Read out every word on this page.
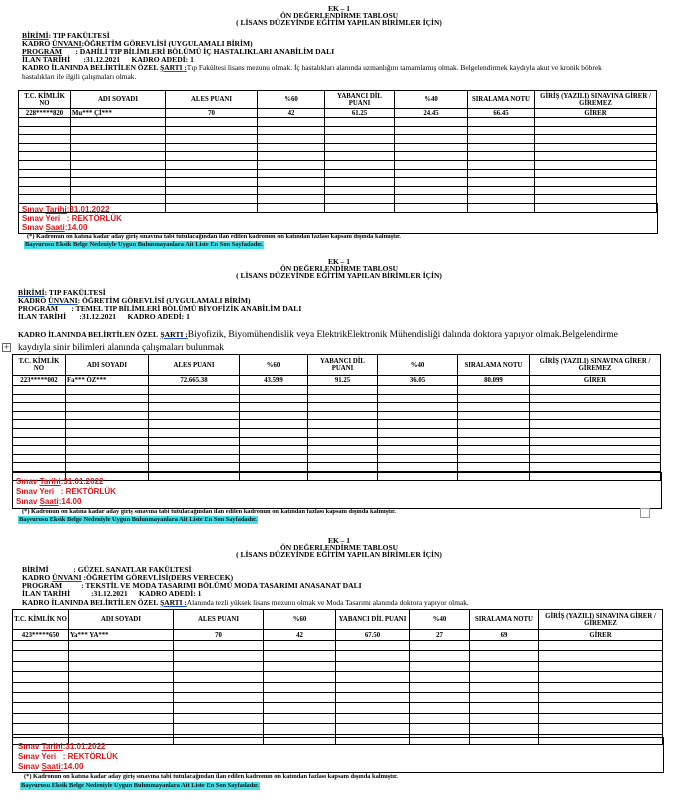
EK – 1
ÖN DEĞERLENDİRME TABLOSU
( LİSANS DÜZEYİNDE EĞİTİM YAPILAN BİRİMLER İÇİN)
BİRİMİ: TIP FAKÜLTESİ
KADRO ÜNVANI:ÖĞRETİM GÖREVLİSİ (UYGULAMALI BİRİM)
PROGRAM : DAHİLİ TIP BİLİMLERİ BÖLÜMÜ İÇ HASTALIKLARI ANABİLİM DALI
İLAN TARİHİ :31.12.2021 KADRO ADEDİ: 1
KADRO İLANINDA BELİRTİLEN ÖZEL ŞARTI :Tıp Fakültesi lisans mezunu olmak. İç hastalıkları alanında uzmanlığını tamamlamış olmak. Belgelendirmek kaydıyla akut ve kronik böbrek hastalıkları ile ilgili çalışmaları olmak.
T.C. KİMLİK NO	ADI SOYADI	ALES PUANI	%60	YABANCI DİL PUANI	%40	SIRALAMA NOTU	GİRİŞ (YAZILI) SINAVINA GİRER / GİREMEZ
228*****820	Mu*** Çİ***	70	42	61.25	24.45	66.45	GİRER

Sınav Tarihi:31.01.2022
Sınav Yeri : REKTÖRLÜK
Sınav Saati:14.00
(*) Kadronun on katına kadar aday giriş sınavına tabi tutulacağından ilan edilen kadronun on katından fazlası kapsam dışında kalmıştır.
Başvurusu Eksik Belge Nedeniyle Uygun Bulunmayanlara Ait Liste En Son Sayfadadır.
EK – 1
ÖN DEĞERLENDİRME TABLOSU
( LİSANS DÜZEYİNDE EĞİTİM YAPILAN BİRİMLER İÇİN)
BİRİMİ: TIP FAKÜLTESİ
KADRO ÜNVANI: ÖĞRETİM GÖREVLİSİ (UYGULAMALI BİRİM)
PROGRAM : TEMEL TIP BİLİMLERİ BÖLÜMÜ BİYOFİZİK ANABİLİM DALI
İLAN TARİHİ :31.12.2021 KADRO ADEDİ: 1
+
KADRO İLANINDA BELİRTİLEN ÖZEL ŞARTI :Biyofizik, Biyomühendislik veya ElektrikElektronik Mühendisliği dalında doktora yapıyor olmak.Belgelendirme kaydıyla sinir bilimleri alanında çalışmaları bulunmak
T.C. KİMLİK NO	ADI SOYADI	ALES PUANI	%60	YABANCI DİL PUANI	%40	SIRALAMA NOTU	GİRİŞ (YAZILI) SINAVINA GİRER / GİREMEZ
223*****002	Fa*** ÖZ***	72.665.38	43.599	91.25	36.05	80.099	GİRER

Sınav Tarihi:31.01.2022
Sınav Yeri : REKTÖRLÜK
Sınav Saati:14.00
(*) Kadronun on katına kadar aday giriş sınavına tabi tutulacağından ilan edilen kadronun on katından fazlası kapsam dışında kalmıştır.
Başvurusu Eksik Belge Nedeniyle Uygun Bulunmayanlara Ait Liste En Son Sayfadadır.
EK – 1
ÖN DEĞERLENDİRME TABLOSU
( LİSANS DÜZEYİNDE EĞİTİM YAPILAN BİRİMLER İÇİN)
BİRİMİ	: GÜZEL SANATLAR FAKÜLTESİ
KADRO ÜNVANI :ÖĞRETİM GÖREVLİSİ(DERS VERECEK)
PROGRAM : TEKSTİL VE MODA TASARIMI BÖLÜMÜ MODA TASARIMI ANASANAT DALI
İLAN TARİHİ	:31.12.2021 KADRO ADEDİ: 1
KADRO İLANINDA BELİRTİLEN ÖZEL ŞARTI :Alanında tezli yüksek lisans mezunu olmak ve Moda Tasarımı alanında doktora yapıyor olmak.
T.C. KİMLİK NO	ADI SOYADI	ALES PUANI	%60	YABANCI DİL PUANI	%40	SIRALAMA NOTU	GİRİŞ (YAZILI) SINAVINA GİRER / GİREMEZ
423*****650	Ya*** YA***	70	42	67.50	27	69	GİRER

Sınav Tarihi:31.01.2022
Sınav Yeri : REKTÖRLÜK
Sınav Saati:14.00
(*) Kadronun on katına kadar aday giriş sınavına tabi tutulacağından ilan edilen kadronun on katından fazlası kapsam dışında kalmıştır.
Başvurusu Eksik Belge Nedeniyle Uygun Bulunmayanlara Ait Liste En Son Sayfadadır.
